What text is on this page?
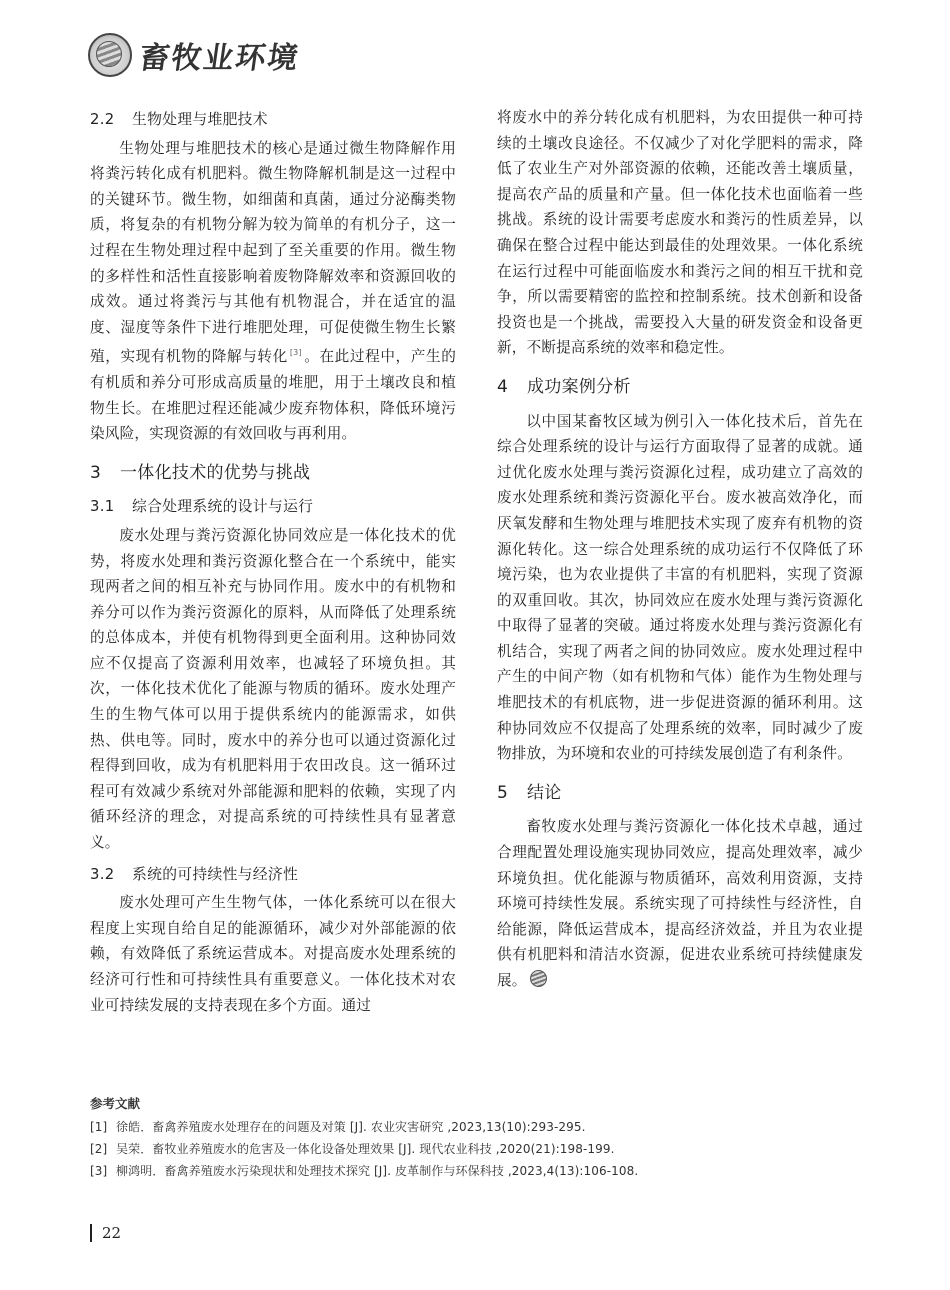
畜牧业环境
2.2 生物处理与堆肥技术

生物处理与堆肥技术的核心是通过微生物降解作用将粪污转化成有机肥料。微生物降解机制是这一过程中的关键环节。微生物，如细菌和真菌，通过分泌酶类物质，将复杂的有机物分解为较为简单的有机分子，这一过程在生物处理过程中起到了至关重要的作用。微生物的多样性和活性直接影响着废物降解效率和资源回收的成效。通过将粪污与其他有机物混合，并在适宜的温度、湿度等条件下进行堆肥处理，可促使微生物生长繁殖，实现有机物的降解与转化 [3] 。在此过程中，产生的有机质和养分可形成高质量的堆肥，用于土壤改良和植物生长。在堆肥过程还能减少废弃物体积，降低环境污染风险，实现资源的有效回收与再利用。

3 一体化技术的优势与挑战
3.1 综合处理系统的设计与运行

废水处理与粪污资源化协同效应是一体化技术的优势，将废水处理和粪污资源化整合在一个系统中，能实现两者之间的相互补充与协同作用。废水中的有机物和养分可以作为粪污资源化的原料，从而降低了处理系统的总体成本，并使有机物得到更全面利用。这种协同效应不仅提高了资源利用效率，也减轻了环境负担。其次，一体化技术优化了能源与物质的循环。废水处理产生的生物气体可以用于提供系统内的能源需求，如供热、供电等。同时，废水中的养分也可以通过资源化过程得到回收，成为有机肥料用于农田改良。这一循环过程可有效减少系统对外部能源和肥料的依赖，实现了内循环经济的理念，对提高系统的可持续性具有显著意义。

3.2 系统的可持续性与经济性

废水处理可产生生物气体，一体化系统可以在很大程度上实现自给自足的能源循环，减少对外部能源的依赖，有效降低了系统运营成本。对提高废水处理系统的经济可行性和可持续性具有重要意义。一体化技术对农业可持续发展的支持表现在多个方面。通过

将废水中的养分转化成有机肥料，为农田提供一种可持续的土壤改良途径。不仅减少了对化学肥料的需求，降低了农业生产对外部资源的依赖，还能改善土壤质量，提高农产品的质量和产量。但一体化技术也面临着一些挑战。系统的设计需要考虑废水和粪污的性质差异，以确保在整合过程中能达到最佳的处理效果。一体化系统在运行过程中可能面临废水和粪污之间的相互干扰和竞争，所以需要精密的监控和控制系统。技术创新和设备投资也是一个挑战，需要投入大量的研发资金和设备更新，不断提高系统的效率和稳定性。

4 成功案例分析

以中国某畜牧区域为例引入一体化技术后，首先在综合处理系统的设计与运行方面取得了显著的成就。通过优化废水处理与粪污资源化过程，成功建立了高效的废水处理系统和粪污资源化平台。废水被高效净化，而厌氧发酵和生物处理与堆肥技术实现了废弃有机物的资源化转化。这一综合处理系统的成功运行不仅降低了环境污染，也为农业提供了丰富的有机肥料，实现了资源的双重回收。其次，协同效应在废水处理与粪污资源化中取得了显著的突破。通过将废水处理与粪污资源化有机结合，实现了两者之间的协同效应。废水处理过程中产生的中间产物（如有机物和气体）能作为生物处理与堆肥技术的有机底物，进一步促进资源的循环利用。这种协同效应不仅提高了处理系统的效率，同时减少了废物排放，为环境和农业的可持续发展创造了有利条件。

5 结论

畜牧废水处理与粪污资源化一体化技术卓越，通过合理配置处理设施实现协同效应，提高处理效率，减少环境负担。优化能源与物质循环，高效利用资源，支持环境可持续性发展。系统实现了可持续性与经济性，自给能源，降低运营成本，提高经济效益，并且为农业提供有机肥料和清洁水资源，促进农业系统可持续健康发展。

参考文献
[1] 徐皓．畜禽养殖废水处理存在的问题及对策 [J]. 农业灾害研究 ,2023,13(10):293-295.
[2] 吴荣．畜牧业养殖废水的危害及一体化设备处理效果 [J]. 现代农业科技 ,2020(21):198-199.
[3] 柳鸿明．畜禽养殖废水污染现状和处理技术探究 [J]. 皮革制作与环保科技 ,2023,4(13):106-108.
22
